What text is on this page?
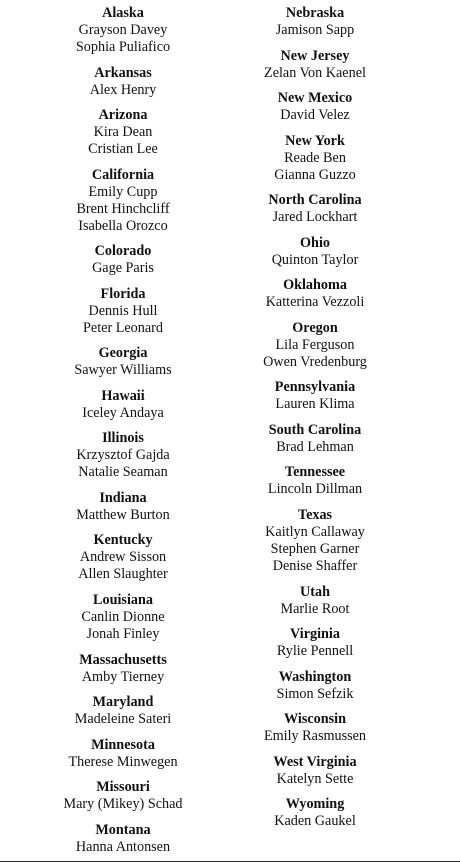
Alaska
Grayson Davey
Sophia Puliafico
Arkansas
Alex Henry
Arizona
Kira Dean
Cristian Lee
California
Emily Cupp
Brent Hinchcliff
Isabella Orozco
Colorado
Gage Paris
Florida
Dennis Hull
Peter Leonard
Georgia
Sawyer Williams
Hawaii
Iceley Andaya
Illinois
Krzysztof Gajda
Natalie Seaman
Indiana
Matthew Burton
Kentucky
Andrew Sisson
Allen Slaughter
Louisiana
Canlin Dionne
Jonah Finley
Massachusetts
Amby Tierney
Maryland
Madeleine Sateri
Minnesota
Therese Minwegen
Missouri
Mary (Mikey) Schad
Montana
Hanna Antonsen
Nebraska
Jamison Sapp
New Jersey
Zelan Von Kaenel
New Mexico
David Velez
New York
Reade Ben
Gianna Guzzo
North Carolina
Jared Lockhart
Ohio
Quinton Taylor
Oklahoma
Katterina Vezzoli
Oregon
Lila Ferguson
Owen Vredenburg
Pennsylvania
Lauren Klima
South Carolina
Brad Lehman
Tennessee
Lincoln Dillman
Texas
Kaitlyn Callaway
Stephen Garner
Denise Shaffer
Utah
Marlie Root
Virginia
Rylie Pennell
Washington
Simon Sefzik
Wisconsin
Emily Rasmussen
West Virginia
Katelyn Sette
Wyoming
Kaden Gaukel
